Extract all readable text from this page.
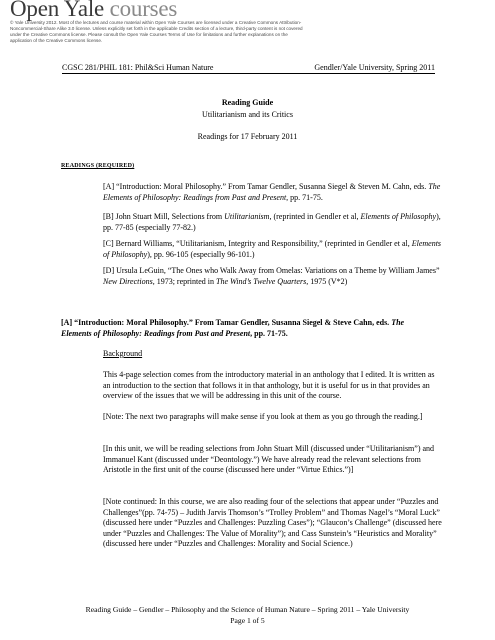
Open Yale courses
© Yale University 2012. Most of the lectures and course material within Open Yale Courses are licensed under a Creative Commons Attribution-Noncommercial-Share Alike 3.0 license. Unless explicitly set forth in the applicable Credits section of a lecture, third-party content is not covered under the Creative Commons license. Please consult the Open Yale Courses Terms of Use for limitations and further explanations on the application of the Creative Commons license.
CGSC 281/PHIL 181: Phil&Sci Human Nature	Gendler/Yale University, Spring 2011
Reading Guide
Utilitarianism and its Critics
Readings for 17 February 2011
READINGS (REQUIRED)
[A] “Introduction: Moral Philosophy.” From Tamar Gendler, Susanna Siegel & Steven M. Cahn, eds. The Elements of Philosophy: Readings from Past and Present, pp. 71-75.
[B] John Stuart Mill, Selections from Utilitarianism, (reprinted in Gendler et al, Elements of Philosophy), pp. 77-85 (especially 77-82.)
[C] Bernard Williams, “Utilitarianism, Integrity and Responsibility,” (reprinted in Gendler et al, Elements of Philosophy), pp. 96-105 (especially 96-101.)
[D] Ursula LeGuin, “The Ones who Walk Away from Omelas: Variations on a Theme by William James” New Directions, 1973; reprinted in The Wind’s Twelve Quarters, 1975 (V*2)
[A] “Introduction: Moral Philosophy.” From Tamar Gendler, Susanna Siegel & Steve Cahn, eds. The Elements of Philosophy: Readings from Past and Present, pp. 71-75.
Background
This 4-page selection comes from the introductory material in an anthology that I edited. It is written as an introduction to the section that follows it in that anthology, but it is useful for us in that provides an overview of the issues that we will be addressing in this unit of the course.
[Note: The next two paragraphs will make sense if you look at them as you go through the reading.]
[In this unit, we will be reading selections from John Stuart Mill (discussed under “Utilitarianism”) and Immanuel Kant (discussed under “Deontology.”) We have already read the relevant selections from Aristotle in the first unit of the course (discussed here under “Virtue Ethics.”)]
[Note continued: In this course, we are also reading four of the selections that appear under “Puzzles and Challenges”(pp. 74-75) – Judith Jarvis Thomson’s “Trolley Problem” and Thomas Nagel’s “Moral Luck” (discussed here under “Puzzles and Challenges: Puzzling Cases”); “Glaucon’s Challenge” (discussed here under “Puzzles and Challenges: The Value of Morality”); and Cass Sunstein’s “Heuristics and Morality” (discussed here under “Puzzles and Challenges: Morality and Social Science.)
Reading Guide – Gendler – Philosophy and the Science of Human Nature – Spring 2011 – Yale University
Page 1 of 5
